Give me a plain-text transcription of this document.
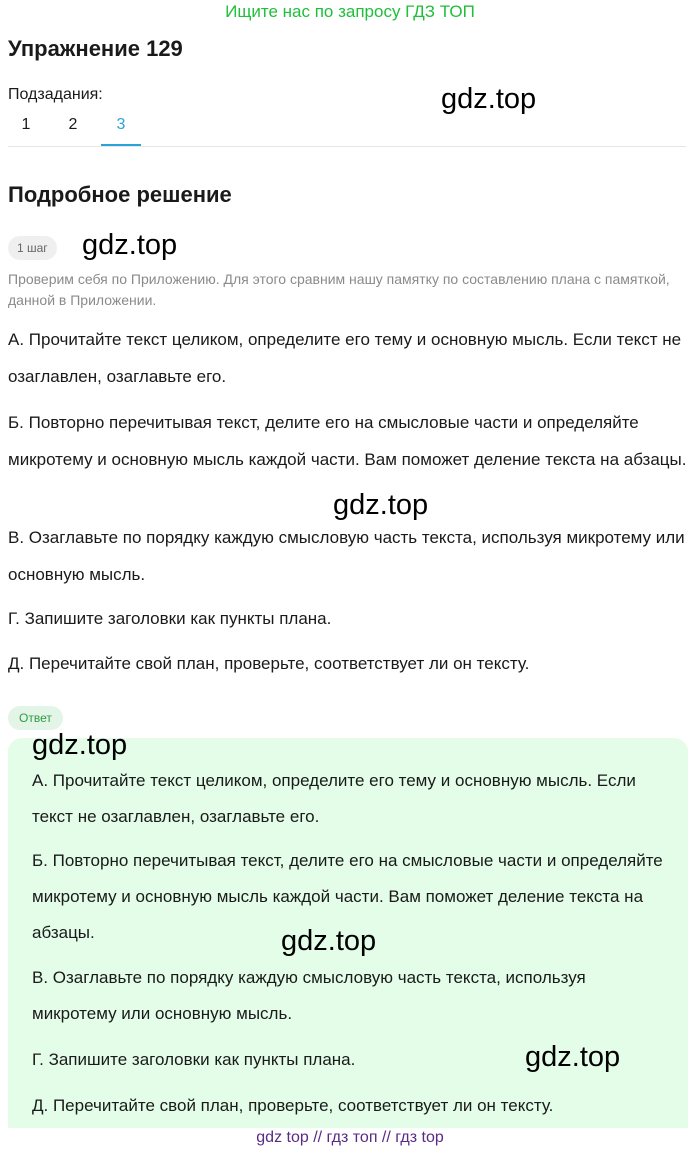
Ищите нас по запросу ГДЗ ТОП
Упражнение 129
Подзадания:
1	2	3
gdz.top
Подробное решение
1 шаг	gdz.top
Проверим себя по Приложению. Для этого сравним нашу памятку по составлению плана с памяткой, данной в Приложении.
А. Прочитайте текст целиком, определите его тему и основную мысль. Если текст не озаглавлен, озаглавьте его.
Б. Повторно перечитывая текст, делите его на смысловые части и определяйте микротему и основную мысль каждой части. Вам поможет деление текста на абзацы.
gdz.top
В. Озаглавьте по порядку каждую смысловую часть текста, используя микротему или основную мысль.
Г. Запишите заголовки как пункты плана.
Д. Перечитайте свой план, проверьте, соответствует ли он тексту.
Ответ
gdz.top
А. Прочитайте текст целиком, определите его тему и основную мысль. Если текст не озаглавлен, озаглавьте его.
Б. Повторно перечитывая текст, делите его на смысловые части и определяйте микротему и основную мысль каждой части. Вам поможет деление текста на абзацы.	gdz.top
В. Озаглавьте по порядку каждую смысловую часть текста, используя микротему или основную мысль.
Г. Запишите заголовки как пункты плана.	gdz.top
Д. Перечитайте свой план, проверьте, соответствует ли он тексту.
gdz top // гдз топ // гдз top
